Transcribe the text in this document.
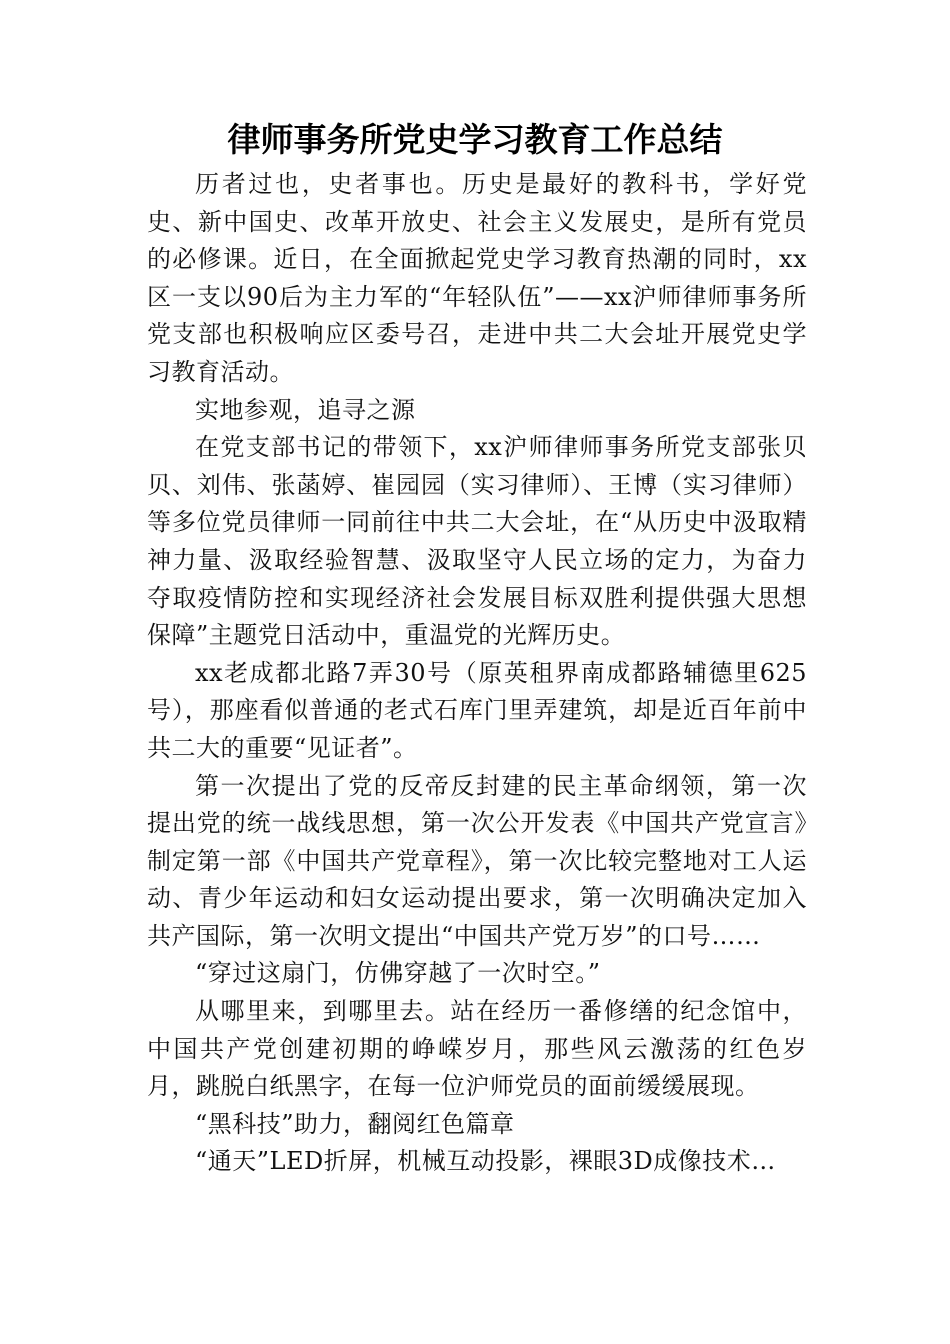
律师事务所党史学习教育工作总结

历者过也，史者事也。历史是最好的教科书，学好党史、新中国史、改革开放史、社会主义发展史，是所有党员的必修课。近日，在全面掀起党史学习教育热潮的同时，xx区一支以90后为主力军的“年轻队伍”——xx沪师律师事务所党支部也积极响应区委号召，走进中共二大会址开展党史学习教育活动。

实地参观，追寻之源

在党支部书记的带领下，xx沪师律师事务所党支部张贝贝、刘伟、张菡婷、崔园园（实习律师）、王博（实习律师）等多位党员律师一同前往中共二大会址，在“从历史中汲取精神力量、汲取经验智慧、汲取坚守人民立场的定力，为奋力夺取疫情防控和实现经济社会发展目标双胜利提供强大思想保障”主题党日活动中，重温党的光辉历史。

xx老成都北路7弄30号（原英租界南成都路辅德里625号），那座看似普通的老式石库门里弄建筑，却是近百年前中共二大的重要“见证者”。

第一次提出了党的反帝反封建的民主革命纲领，第一次提出党的统一战线思想，第一次公开发表《中国共产党宣言》制定第一部《中国共产党章程》，第一次比较完整地对工人运动、青少年运动和妇女运动提出要求，第一次明确决定加入共产国际，第一次明文提出“中国共产党万岁”的口号……

“穿过这扇门，仿佛穿越了一次时空。”

从哪里来，到哪里去。站在经历一番修缮的纪念馆中，中国共产党创建初期的峥嵘岁月，那些风云激荡的红色岁月，跳脱白纸黑字，在每一位沪师党员的面前缓缓展现。

“黑科技”助力，翻阅红色篇章

“通天”LED折屏，机械互动投影，裸眼3D成像技术…
